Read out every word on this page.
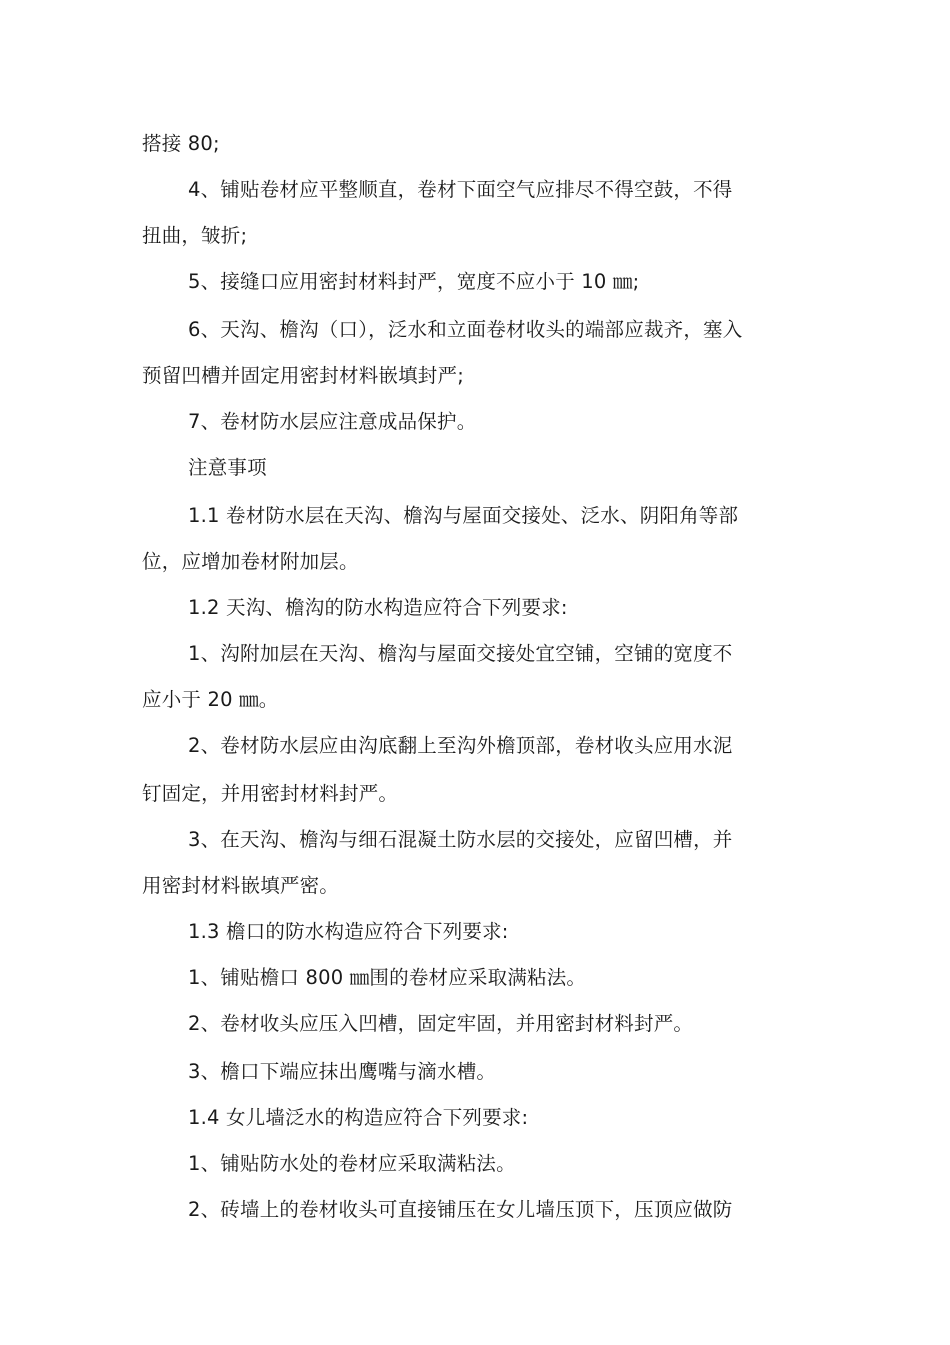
搭接 80;
4、铺贴卷材应平整顺直，卷材下面空气应排尽不得空鼓，不得
扭曲，皱折;
5、接缝口应用密封材料封严，宽度不应小于 10 ㎜;
6、天沟、檐沟（口），泛水和立面卷材收头的端部应裁齐，塞入
预留凹槽并固定用密封材料嵌填封严;
7、卷材防水层应注意成品保护。
注意事项
1.1 卷材防水层在天沟、檐沟与屋面交接处、泛水、阴阳角等部
位，应增加卷材附加层。
1.2 天沟、檐沟的防水构造应符合下列要求:
1、沟附加层在天沟、檐沟与屋面交接处宜空铺，空铺的宽度不
应小于 20 ㎜。
2、卷材防水层应由沟底翻上至沟外檐顶部，卷材收头应用水泥
钉固定，并用密封材料封严。
3、在天沟、檐沟与细石混凝土防水层的交接处，应留凹槽，并
用密封材料嵌填严密。
1.3 檐口的防水构造应符合下列要求:
1、铺贴檐口 800 ㎜围的卷材应采取满粘法。
2、卷材收头应压入凹槽，固定牢固，并用密封材料封严。
3、檐口下端应抹出鹰嘴与滴水槽。
1.4 女儿墙泛水的构造应符合下列要求:
1、铺贴防水处的卷材应采取满粘法。
2、砖墙上的卷材收头可直接铺压在女儿墙压顶下，压顶应做防
